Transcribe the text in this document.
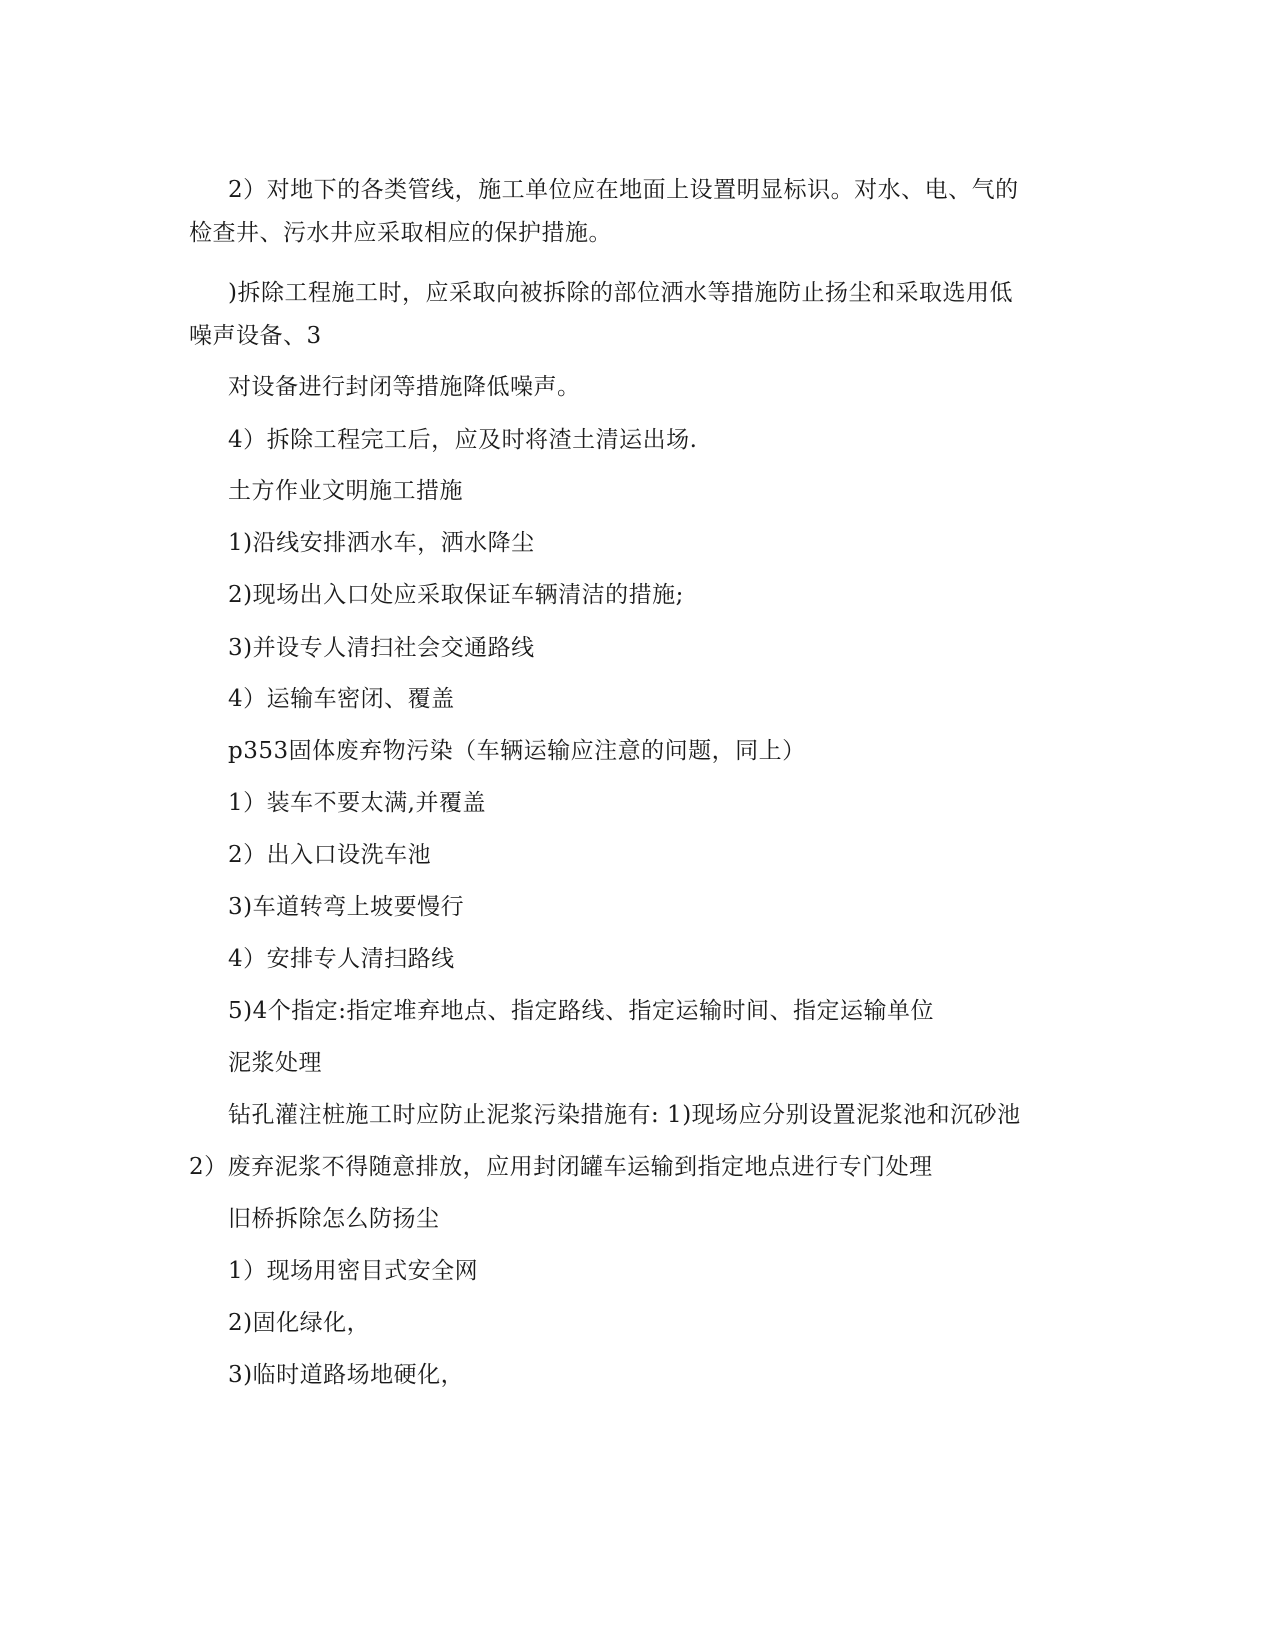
2）对地下的各类管线，施工单位应在地面上设置明显标识。对水、电、气的
检查井、污水井应采取相应的保护措施。
)拆除工程施工时，应采取向被拆除的部位洒水等措施防止扬尘和采取选用低
噪声设备、3
对设备进行封闭等措施降低噪声。
4）拆除工程完工后，应及时将渣土清运出场.
土方作业文明施工措施
1)沿线安排洒水车，洒水降尘
2)现场出入口处应采取保证车辆清洁的措施;
3)并设专人清扫社会交通路线
4）运输车密闭、覆盖
p353固体废弃物污染（车辆运输应注意的问题，同上）
1）装车不要太满,并覆盖
2）出入口设洗车池
3)车道转弯上坡要慢行
4）安排专人清扫路线
5)4个指定:指定堆弃地点、指定路线、指定运输时间、指定运输单位
泥浆处理
钻孔灌注桩施工时应防止泥浆污染措施有: 1)现场应分别设置泥浆池和沉砂池
2）废弃泥浆不得随意排放，应用封闭罐车运输到指定地点进行专门处理
旧桥拆除怎么防扬尘
1）现场用密目式安全网
2)固化绿化，
3)临时道路场地硬化，
